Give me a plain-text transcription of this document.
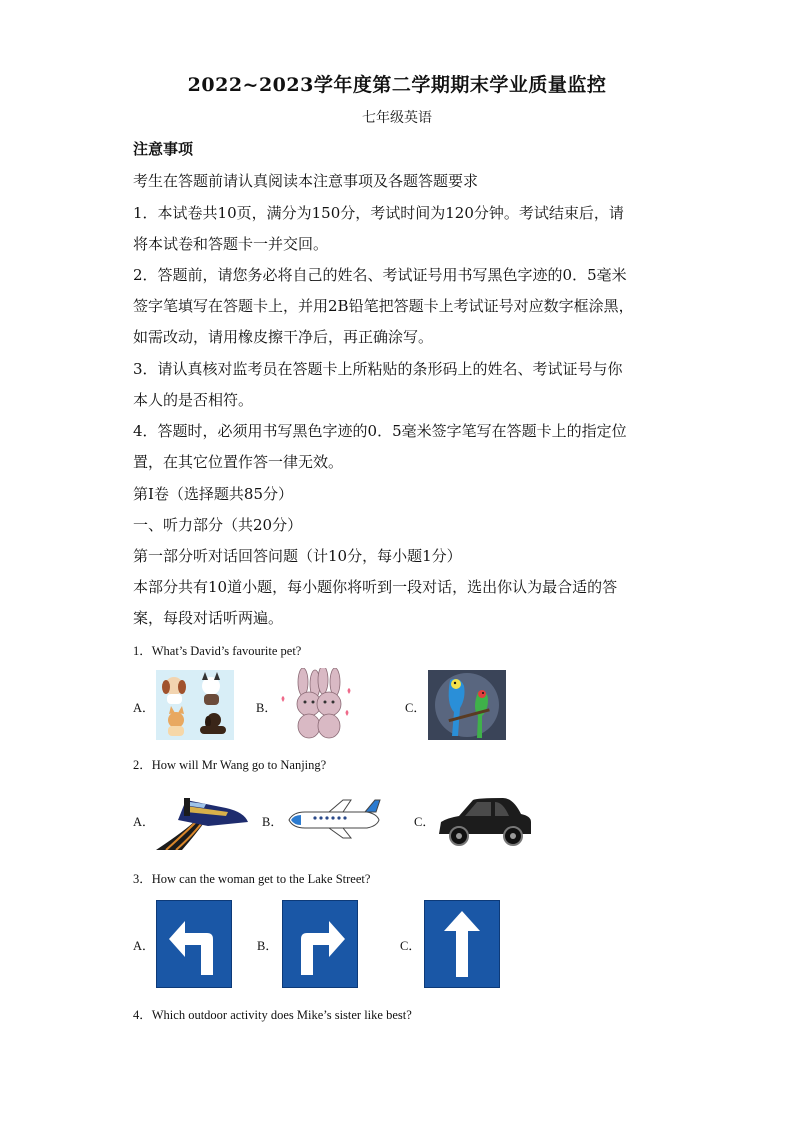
2022~2023学年度第二学期期末学业质量监控
七年级英语
注意事项
考生在答题前请认真阅读本注意事项及各题答题要求
1．本试卷共10页，满分为150分，考试时间为120分钟。考试结束后，请
将本试卷和答题卡一并交回。
2．答题前，请您务必将自己的姓名、考试证号用书写黑色字迹的0．5毫米
签字笔填写在答题卡上，并用2B铅笔把答题卡上考试证号对应数字框涂黑，
如需改动，请用橡皮擦干净后，再正确涂写。
3．请认真核对监考员在答题卡上所粘贴的条形码上的姓名、考试证号与你
本人的是否相符。
4．答题时，必须用书写黑色字迹的0．5毫米签字笔写在答题卡上的指定位
置，在其它位置作答一律无效。
第I卷（选择题共85分）
一、听力部分（共20分）
第一部分听对话回答问题（计10分，每小题1分）
本部分共有10道小题，每小题你将听到一段对话，选出你认为最合适的答
案，每段对话听两遍。
1．What’s David’s favourite pet?
A．	B．	C．
2．How will Mr Wang go to Nanjing?
A．	B．	C．
3．How can the woman get to the Lake Street?
A．	B．	C．
4．Which outdoor activity does Mike’s sister like best?
